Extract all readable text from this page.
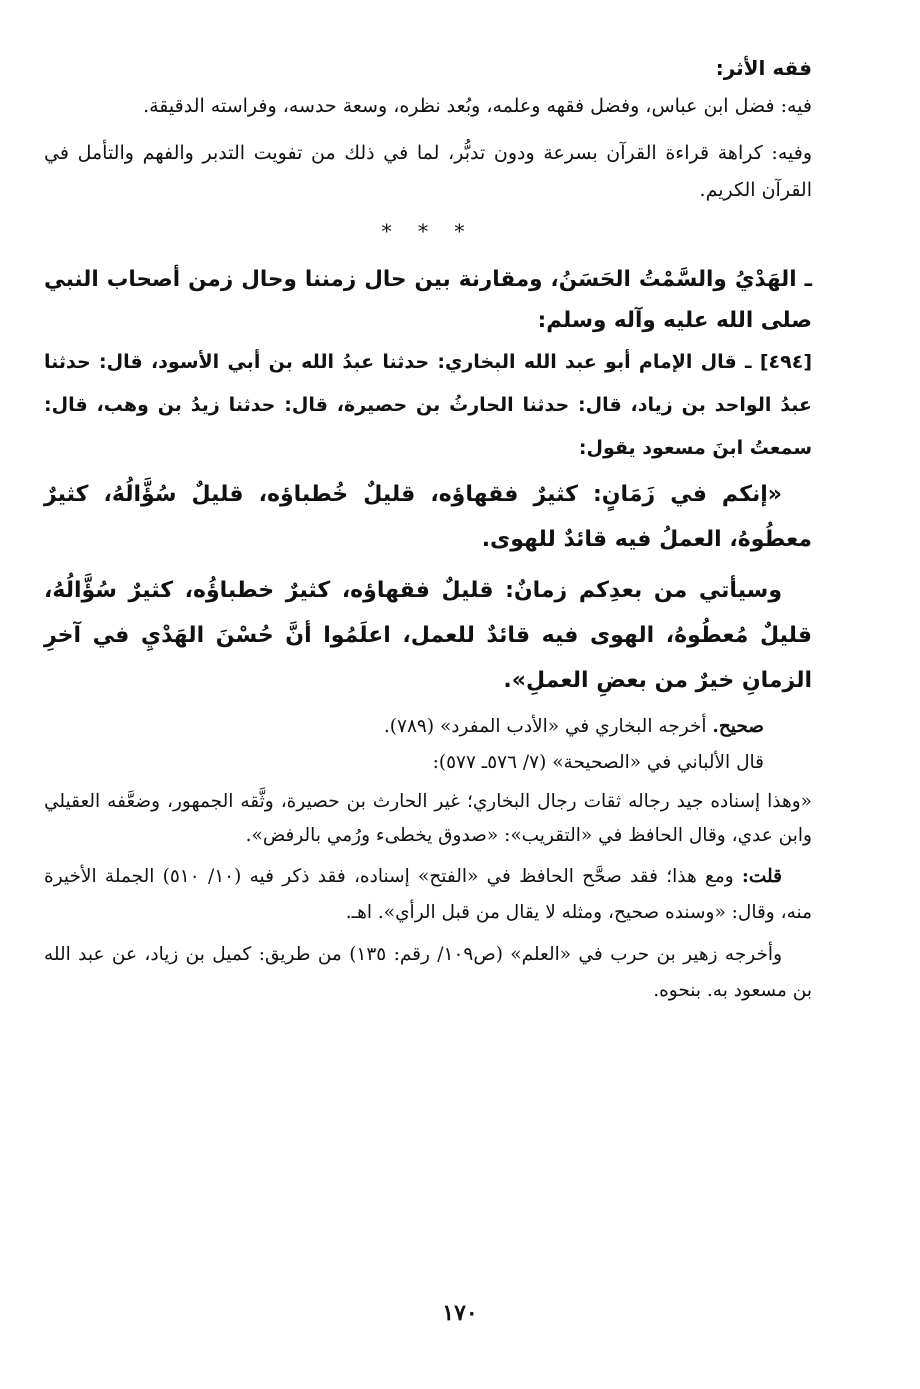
فقه الأثر:

فيه: فضل ابن عباس، وفضل فقهه وعلمه، وبُعد نظره، وسعة حدسه، وفراسته الدقيقة.

وفيه: كراهة قراءة القرآن بسرعة ودون تدبُّر، لما في ذلك من تفويت التدبر والفهم والتأمل في القرآن الكريم.

* * *

ـ الهَدْيُ والسَّمْتُ الحَسَنُ، ومقارنة بين حال زمننا وحال زمن أصحاب النبي صلى الله عليه وآله وسلم:

[٤٩٤] ـ قال الإمام أبو عبد الله البخاري: حدثنا عبدُ الله بن أبي الأسود، قال: حدثنا عبدُ الواحد بن زياد، قال: حدثنا الحارثُ بن حصيرة، قال: حدثنا زيدُ بن وهب، قال: سمعتُ ابنَ مسعود يقول:

«إنكم في زَمَانٍ: كثيرٌ فقهاؤه، قليلٌ خُطباؤه، قليلٌ سُؤَّالُهُ، كثيرٌ معطُوهُ، العملُ فيه قائدٌ للهوى.

وسيأتي من بعدِكم زمانٌ: قليلٌ فقهاؤه، كثيرٌ خطباؤُه، كثيرٌ سُؤَّالُهُ، قليلٌ مُعطُوهُ، الهوى فيه قائدٌ للعمل، اعلَمُوا أنَّ حُسْنَ الهَدْيِ في آخرِ الزمانِ خيرٌ من بعضِ العملِ».

صحيح. أخرجه البخاري في «الأدب المفرد» (٧٨٩).

قال الألباني في «الصحيحة» (٧/ ٥٧٦ـ ٥٧٧):

«وهذا إسناده جيد رجاله ثقات رجال البخاري؛ غير الحارث بن حصيرة، وثَّقه الجمهور، وضعَّفه العقيلي وابن عدي، وقال الحافظ في «التقريب»: «صدوق يخطىء ورُمي بالرفض».

قلت: ومع هذا؛ فقد صحَّح الحافظ في «الفتح» إسناده، فقد ذكر فيه (١٠/ ٥١٠) الجملة الأخيرة منه، وقال: «وسنده صحيح، ومثله لا يقال من قبل الرأي». اهـ.

وأخرجه زهير بن حرب في «العلم» (ص١٠٩/ رقم: ١٣٥) من طريق: كميل بن زياد، عن عبد الله بن مسعود به. بنحوه.

١٧٠
